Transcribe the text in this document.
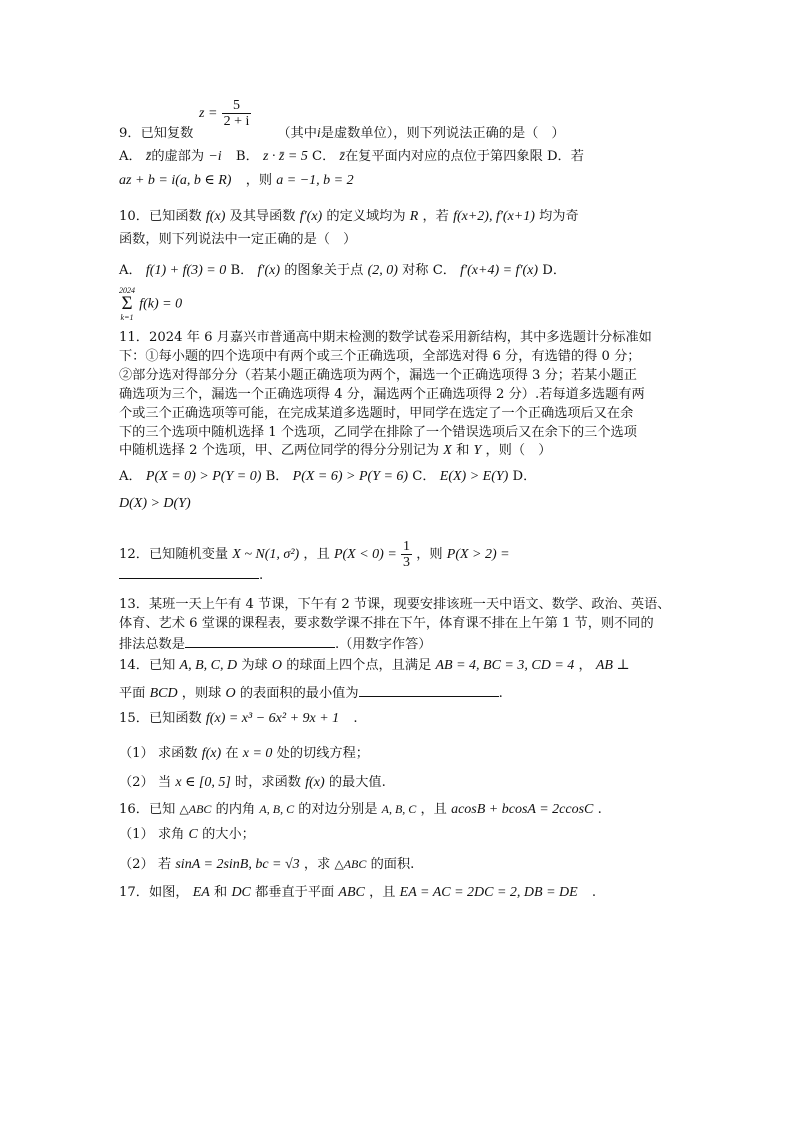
$z = \frac{5}{2 + i}$
9．已知复数	（其中i是虚数单位），则下列说法正确的是（　）
A． z̄的虚部为 −i B． z · z̄ = 5 C． z̄在复平面内对应的点位于第四象限 D．若
az + b = i(a, b ∈ R) ，则 a = −1, b = 2
10．已知函数 f(x) 及其导函数 f′(x) 的定义域均为 R ，若 f(x+2), f′(x+1) 均为奇
函数，则下列说法中一定正确的是（　）
A． f(1) + f(3) = 0 B． f′(x) 的图象关于点 (2, 0) 对称 C． f′(x+4) = f′(x) D．
2024
Σ
k=1
f(k) = 0
11．2024 年 6 月嘉兴市普通高中期末检测的数学试卷采用新结构，其中多选题计分标准如
下：①每小题的四个选项中有两个或三个正确选项，全部选对得 6 分，有选错的得 0 分；
②部分选对得部分分（若某小题正确选项为两个，漏选一个正确选项得 3 分；若某小题正
确选项为三个，漏选一个正确选项得 4 分，漏选两个正确选项得 2 分）.若每道多选题有两
个或三个正确选项等可能，在完成某道多选题时，甲同学在选定了一个正确选项后又在余
下的三个选项中随机选择 1 个选项，乙同学在排除了一个错误选项后又在余下的三个选项
中随机选择 2 个选项，甲、乙两位同学的得分分别记为 X 和 Y ，则（　）
A． P(X = 0) > P(Y = 0) B． P(X = 6) > P(Y = 6) C． E(X) > E(Y) D．
D(X) > D(Y)
12．已知随机变量 X ~ N(1, σ²) ，且 $P(X < 0) = \frac{1}{3}$ ，则 P(X > 2) =
.
13．某班一天上午有 4 节课，下午有 2 节课，现要安排该班一天中语文、数学、政治、英语、
体育、艺术 6 堂课的课程表，要求数学课不排在下午，体育课不排在上午第 1 节，则不同的
排法总数是	.（用数字作答）
14．已知 A, B, C, D 为球 O 的球面上四个点，且满足 AB = 4, BC = 3, CD = 4 ， AB ⊥
平面 BCD ，则球 O 的表面积的最小值为	.
15．已知函数 f(x) = x³ − 6x² + 9x + 1 .
（1） 求函数 f(x) 在 x = 0 处的切线方程；
（2） 当 x ∈ [0, 5] 时，求函数 f(x) 的最大值.
16．已知 △ABC 的内角 A, B, C 的对边分别是 A, B, C ，且 acosB + bcosA = 2ccosC .
（1） 求角 C 的大小；
（2） 若 sinA = 2sinB, bc = √3 ，求 △ABC 的面积.
17．如图， EA 和 DC 都垂直于平面 ABC ，且 EA = AC = 2DC = 2, DB = DE .
